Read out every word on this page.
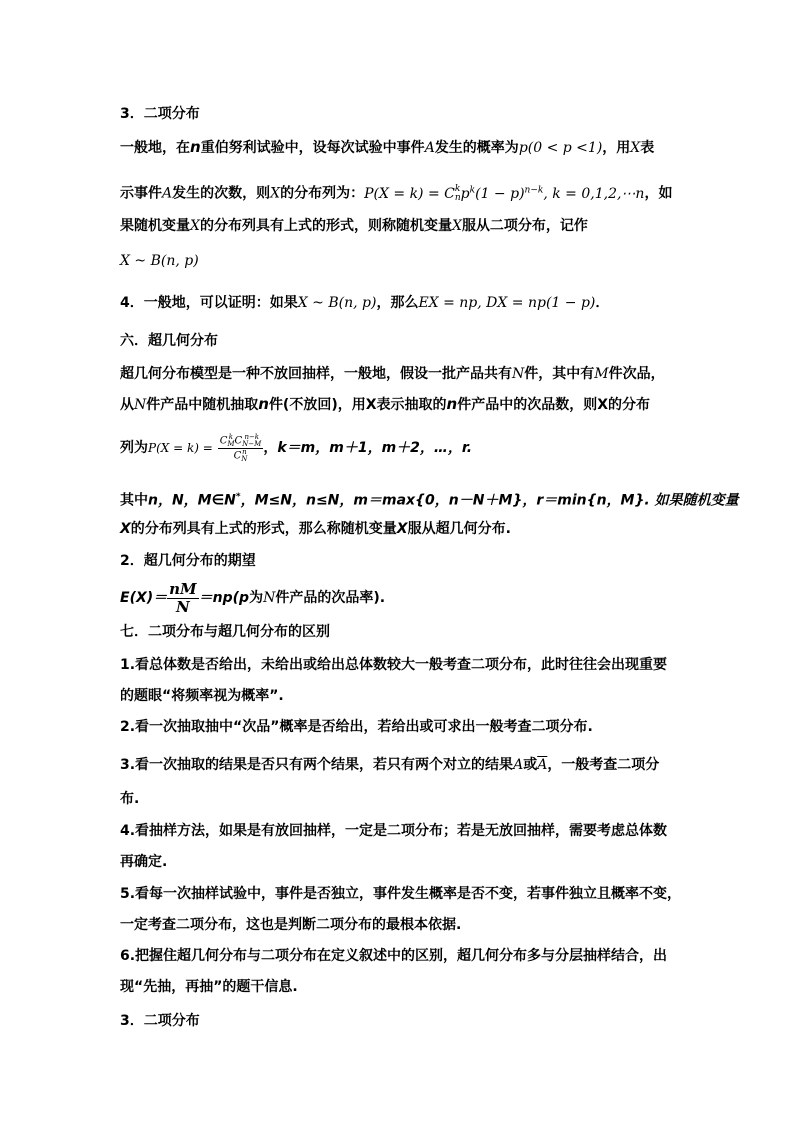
3．二项分布
一般地，在n重伯努利试验中，设每次试验中事件A发生的概率为p(0 < p <1)，用X表
示事件A发生的次数，则X的分布列为：P(X = k) = C k
n $p^k(1 - p)^{n-k}$, k = 0,1,2,⋯n，如
果随机变量X的分布列具有上式的形式，则称随机变量X服从二项分布，记作
X ~ B(n, p)
4．一般地，可以证明：如果X ~ B(n, p)，那么EX = np, DX = np(1 − p)．
六．超几何分布
超几何分布模型是一种不放回抽样，一般地，假设一批产品共有N件，其中有M件次品，
从N件产品中随机抽取n件(不放回)，用X表示抽取的n件产品中的次品数，则X的分布
列为P(X = k) = C k
M C n−k
N−M
C n
N ，k＝m，m＋1，m＋2，…，r.
其中n，N，M∈N*，M≤N，n≤N，m＝max{0，n－N＋M}，r＝min{n，M}. 如果随机变量
X的分布列具有上式的形式，那么称随机变量X服从超几何分布.
2．超几何分布的期望
$E(X)= \frac{nM}{N} =np(p$为N件产品的次品率).
七．二项分布与超几何分布的区别
1.看总体数是否给出，未给出或给出总体数较大一般考查二项分布，此时往往会出现重要
的题眼“将频率视为概率”.
2.看一次抽取抽中“次品”概率是否给出，若给出或可求出一般考查二项分布.
3.看一次抽取的结果是否只有两个结果，若只有两个对立的结果A或$\overline{A}$，一般考查二项分
布.
4.看抽样方法，如果是有放回抽样，一定是二项分布；若是无放回抽样，需要考虑总体数
再确定.
5.看每一次抽样试验中，事件是否独立，事件发生概率是否不变，若事件独立且概率不变，
一定考查二项分布，这也是判断二项分布的最根本依据.
6.把握住超几何分布与二项分布在定义叙述中的区别，超几何分布多与分层抽样结合，出
现“先抽，再抽”的题干信息.
3．二项分布
